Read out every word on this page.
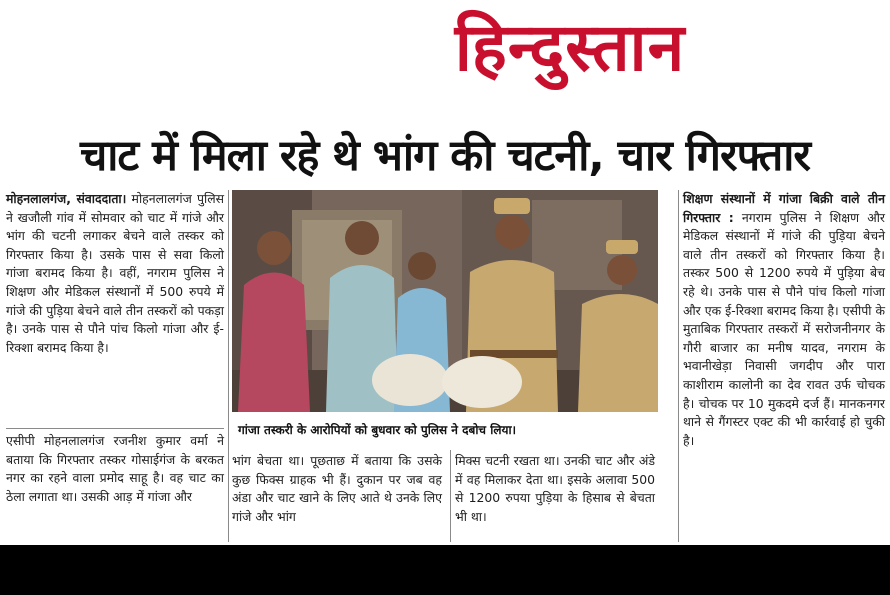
हिन्दुस्तान
चाट में मिला रहे थे भांग की चटनी, चार गिरफ्तार
मोहनलालगंज, संवाददाता। मोहनलालगंज पुलिस ने खजौली गांव में सोमवार को चाट में गांजे और भांग की चटनी लगाकर बेचने वाले तस्कर को गिरफ्तार किया है। उसके पास से सवा किलो गांजा बरामद किया है। वहीं, नगराम पुलिस ने शिक्षण और मेडिकल संस्थानों में 500 रुपये में गांजे की पुड़िया बेचने वाले तीन तस्करों को पकड़ा है। उनके पास से पौने पांच किलो गांजा और ई-रिक्शा बरामद किया है।
एसीपी मोहनलालगंज रजनीश कुमार वर्मा ने बताया कि गिरफ्तार तस्कर गोसाईगंज के बरकत नगर का रहने वाला प्रमोद साहू है। वह चाट का ठेला लगाता था। उसकी आड़ में गांजा और
गांजा तस्करी के आरोपियों को बुधवार को पुलिस ने दबोच लिया।
भांग बेचता था। पूछताछ में बताया कि उसके कुछ फिक्स ग्राहक भी हैं। दुकान पर जब वह अंडा और चाट खाने के लिए आते थे उनके लिए गांजे और भांग
मिक्स चटनी रखता था। उनकी चाट और अंडे में वह मिलाकर देता था। इसके अलावा 500 से 1200 रुपया पुड़िया के हिसाब से बेचता भी था।
शिक्षण संस्थानों में गांजा बिक्री वाले तीन गिरफ्तार : नगराम पुलिस ने शिक्षण और मेडिकल संस्थानों में गांजे की पुड़िया बेचने वाले तीन तस्करों को गिरफ्तार किया है। तस्कर 500 से 1200 रुपये में पुड़िया बेच रहे थे। उनके पास से पौने पांच किलो गांजा और एक ई-रिक्शा बरामद किया है। एसीपी के मुताबिक गिरफ्तार तस्करों में सरोजनीनगर के गौरी बाजार का मनीष यादव, नगराम के भवानीखेड़ा निवासी जगदीप और पारा काशीराम कालोनी का देव रावत उर्फ चोचक है। चोचक पर 10 मुकदमे दर्ज हैं। मानकनगर थाने से गैंगस्टर एक्ट की भी कार्रवाई हो चुकी है।
